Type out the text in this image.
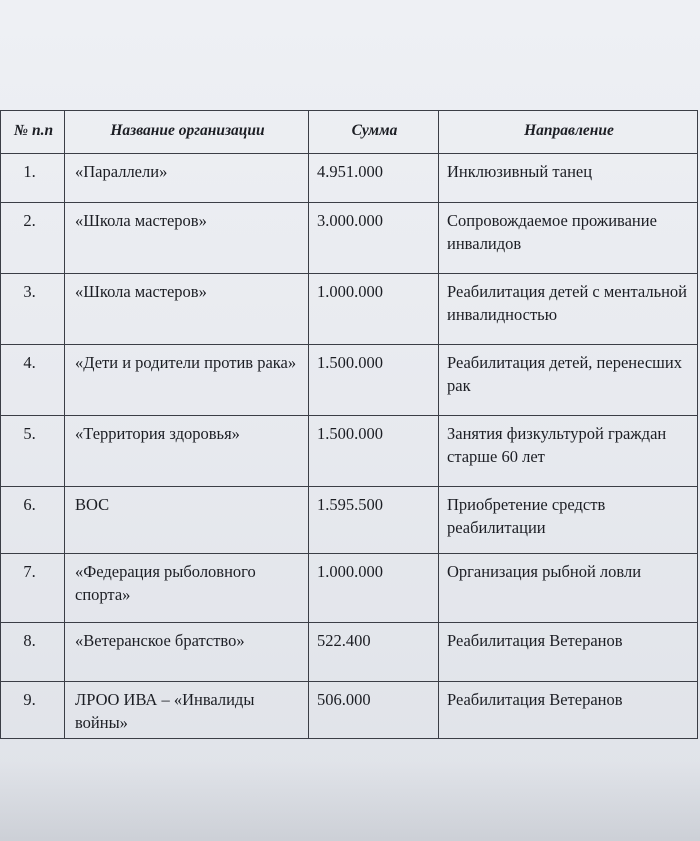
№ п.п	Название организации	Сумма	Направление
1.	«Параллели»	4.951.000	Инклюзивный танец
2.	«Школа мастеров»	3.000.000	Сопровождаемое проживание инвалидов
3.	«Школа мастеров»	1.000.000	Реабилитация детей с ментальной инвалидностью
4.	«Дети и родители против рака»	1.500.000	Реабилитация детей, перенесших рак
5.	«Территория здоровья»	1.500.000	Занятия физкультурой граждан старше 60 лет
6.	ВОС	1.595.500	Приобретение средств реабилитации
7.	«Федерация рыболовного спорта»	1.000.000	Организация рыбной ловли
8.	«Ветеранское братство»	522.400	Реабилитация Ветеранов
9.	ЛРОО ИВА – «Инвалиды войны»	506.000	Реабилитация Ветеранов
